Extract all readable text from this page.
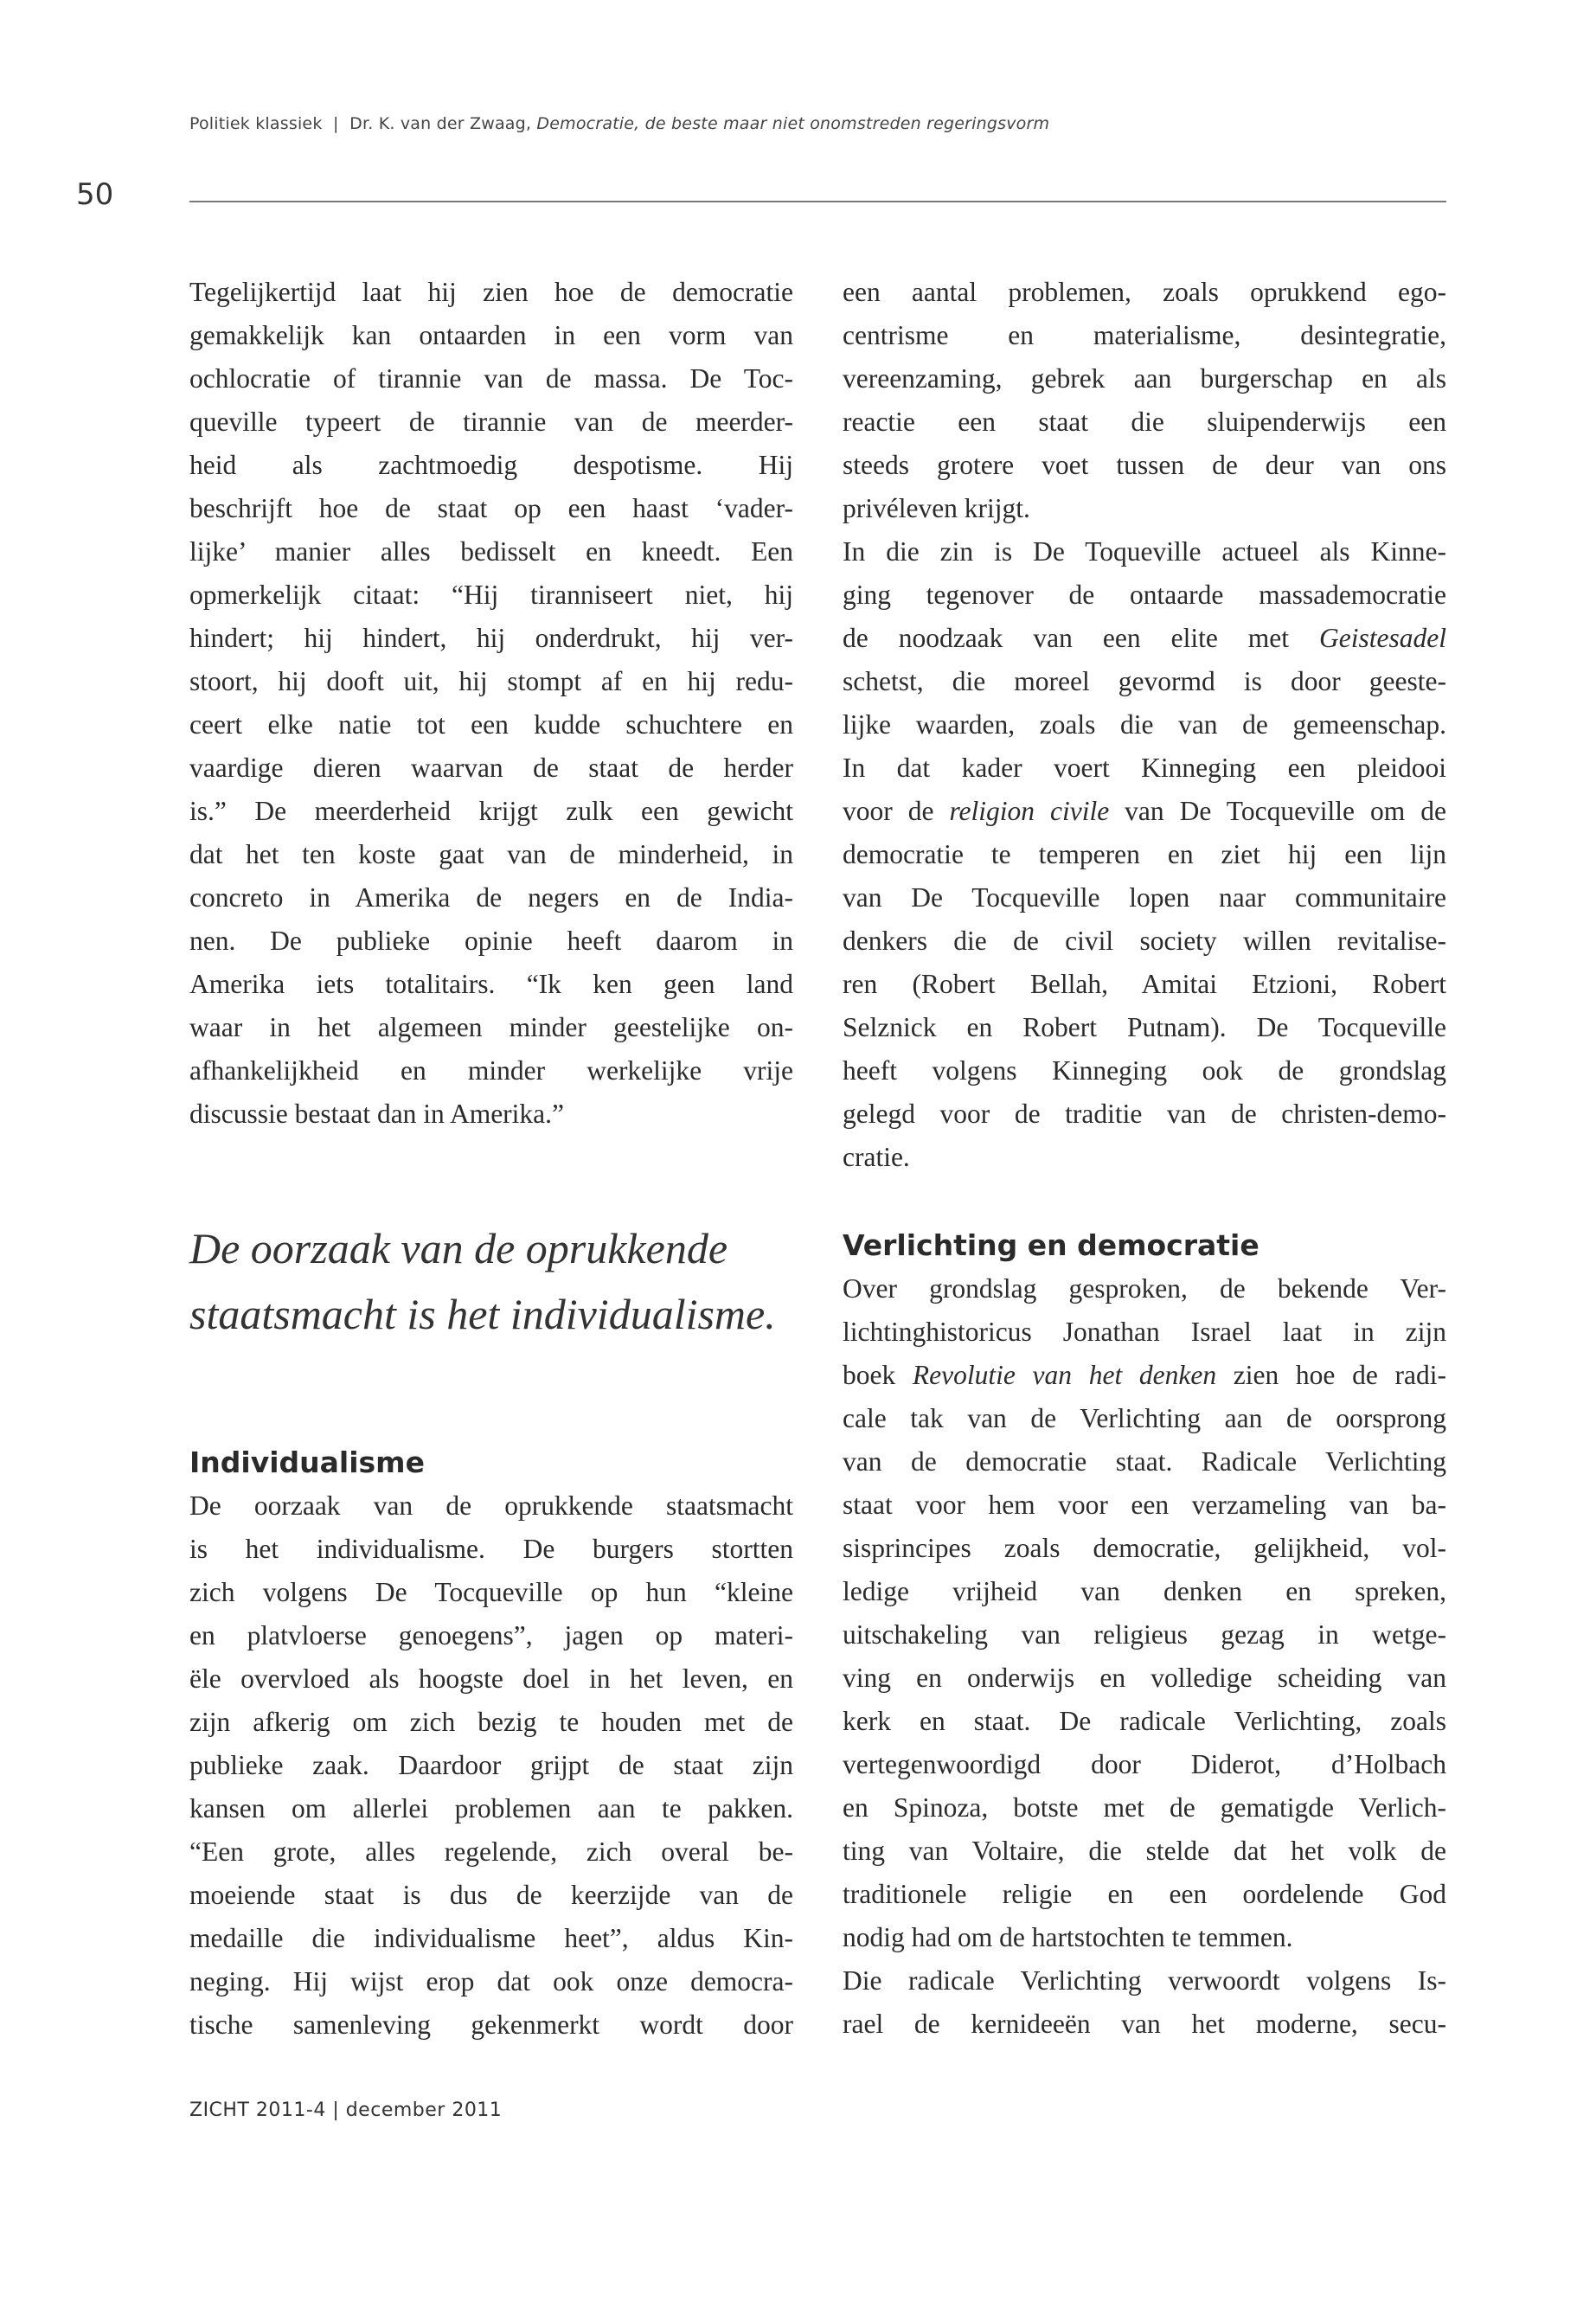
Politiek klassiek  |  Dr. K. van der Zwaag, Democratie, de beste maar niet onomstreden regeringsvorm
50
Tegelijkertijd laat hij zien hoe de democratie
gemakkelijk kan ontaarden in een vorm van
ochlocratie of tirannie van de massa. De Toc-
queville typeert de tirannie van de meerder-
heid als zachtmoedig despotisme. Hij
beschrijft hoe de staat op een haast ‘vader-
lijke’ manier alles bedisselt en kneedt. Een
opmerkelijk citaat: “Hij tiranniseert niet, hij
hindert; hij hindert, hij onderdrukt, hij ver-
stoort, hij dooft uit, hij stompt af en hij redu-
ceert elke natie tot een kudde schuchtere en
vaardige dieren waarvan de staat de herder
is.” De meerderheid krijgt zulk een gewicht
dat het ten koste gaat van de minderheid, in
concreto in Amerika de negers en de India-
nen. De publieke opinie heeft daarom in
Amerika iets totalitairs. “Ik ken geen land
waar in het algemeen minder geestelijke on-
afhankelijkheid en minder werkelijke vrije
discussie bestaat dan in Amerika.”
De oorzaak van de oprukkende
staatsmacht is het individualisme.
Individualisme
De oorzaak van de oprukkende staatsmacht
is het individualisme. De burgers stortten
zich volgens De Tocqueville op hun “kleine
en platvloerse genoegens”, jagen op materi-
ële overvloed als hoogste doel in het leven, en
zijn afkerig om zich bezig te houden met de
publieke zaak. Daardoor grijpt de staat zijn
kansen om allerlei problemen aan te pakken.
“Een grote, alles regelende, zich overal be-
moeiende staat is dus de keerzijde van de
medaille die individualisme heet”, aldus Kin-
neging. Hij wijst erop dat ook onze democra-
tische samenleving gekenmerkt wordt door
een aantal problemen, zoals oprukkend ego-
centrisme en materialisme, desintegratie,
vereenzaming, gebrek aan burgerschap en als
reactie een staat die sluipenderwijs een
steeds grotere voet tussen de deur van ons
privéleven krijgt.
In die zin is De Toqueville actueel als Kinne-
ging tegenover de ontaarde massademocratie
de noodzaak van een elite met Geistesadel
schetst, die moreel gevormd is door geeste-
lijke waarden, zoals die van de gemeenschap.
In dat kader voert Kinneging een pleidooi
voor de religion civile van De Tocqueville om de
democratie te temperen en ziet hij een lijn
van De Tocqueville lopen naar communitaire
denkers die de civil society willen revitalise-
ren (Robert Bellah, Amitai Etzioni, Robert
Selznick en Robert Putnam). De Tocqueville
heeft volgens Kinneging ook de grondslag
gelegd voor de traditie van de christen-demo-
cratie.
Verlichting en democratie
Over grondslag gesproken, de bekende Ver-
lichtinghistoricus Jonathan Israel laat in zijn
boek Revolutie van het denken zien hoe de radi-
cale tak van de Verlichting aan de oorsprong
van de democratie staat. Radicale Verlichting
staat voor hem voor een verzameling van ba-
sisprincipes zoals democratie, gelijkheid, vol-
ledige vrijheid van denken en spreken,
uitschakeling van religieus gezag in wetge-
ving en onderwijs en volledige scheiding van
kerk en staat. De radicale Verlichting, zoals
vertegenwoordigd door Diderot, d’Holbach
en Spinoza, botste met de gematigde Verlich-
ting van Voltaire, die stelde dat het volk de
traditionele religie en een oordelende God
nodig had om de hartstochten te temmen.
Die radicale Verlichting verwoordt volgens Is-
rael de kernideeën van het moderne, secu-
ZICHT 2011-4 | december 2011
